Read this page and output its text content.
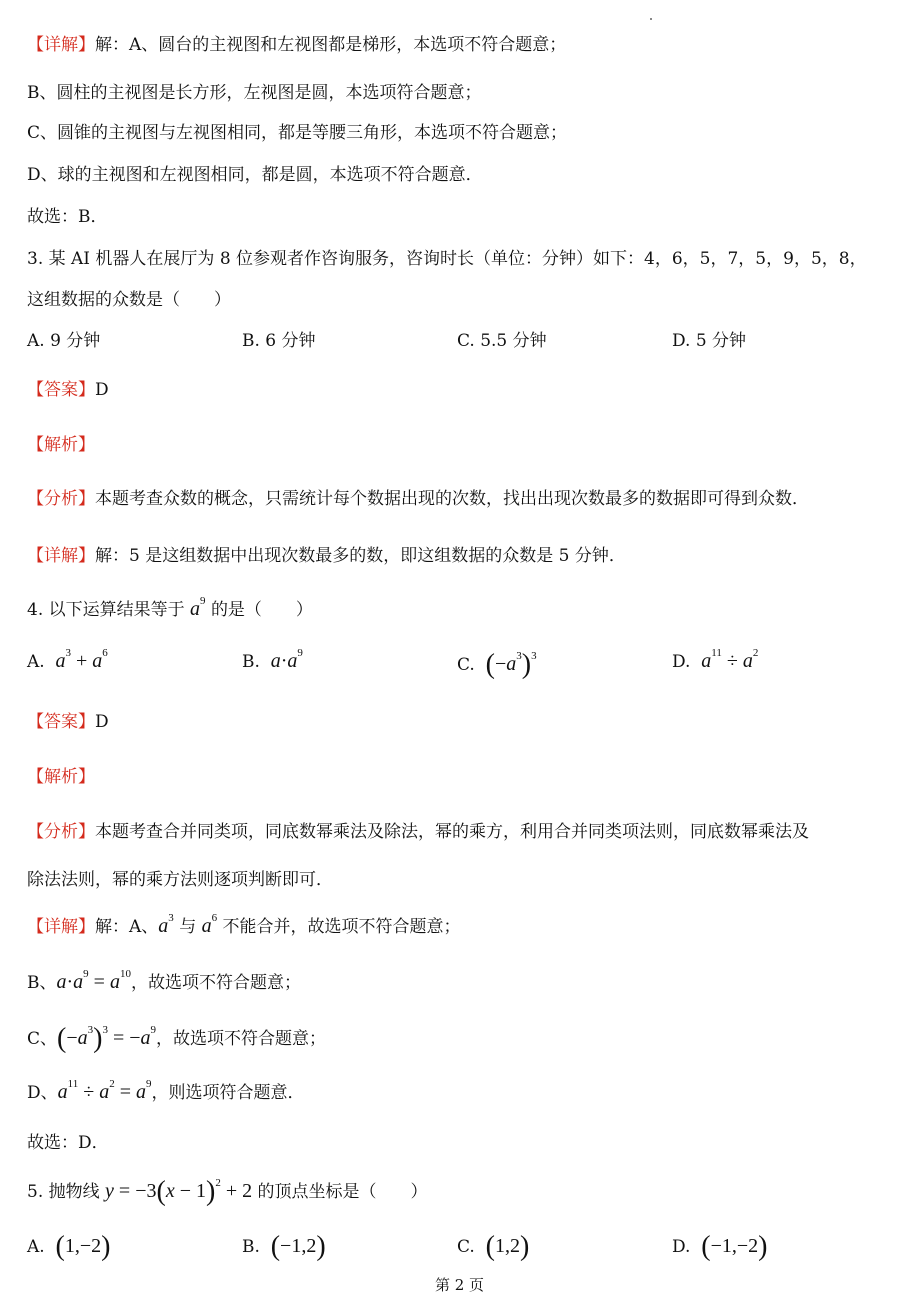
【详解】解：A、圆台的主视图和左视图都是梯形，本选项不符合题意；
B、圆柱的主视图是长方形，左视图是圆，本选项符合题意；
C、圆锥的主视图与左视图相同，都是等腰三角形，本选项不符合题意；
D、球的主视图和左视图相同，都是圆，本选项不符合题意．
故选：B．
3. 某 AI 机器人在展厅为 8 位参观者作咨询服务，咨询时长（单位：分钟）如下：4，6，5，7，5，9，5，8，
这组数据的众数是（　　）
A. 9 分钟	B. 6 分钟	C. 5.5 分钟	D. 5 分钟
【答案】D
【解析】
【分析】本题考查众数的概念，只需统计每个数据出现的次数，找出出现次数最多的数据即可得到众数．
【详解】解：5 是这组数据中出现次数最多的数，即这组数据的众数是 5 分钟．
4. 以下运算结果等于 $a^9$ 的是（　　）
A. $a^3 + a^6$	B. $a\cdot a^9$
C. $(-a^3)^3$	D. $a^{11} \div a^2$
【答案】D
【解析】
【分析】本题考查合并同类项，同底数幂乘法及除法，幂的乘方，利用合并同类项法则，同底数幂乘法及
除法法则，幂的乘方法则逐项判断即可．
【详解】解：A、$a^3$ 与 $a^6$ 不能合并，故选项不符合题意；
B、$a\cdot a^9 = a^{10}$，故选项不符合题意；
C、$(-a^3)^3 = -a^9$，故选项不符合题意；
D、$a^{11} \div a^2 = a^9$，则选项符合题意．
故选：D．
5. 抛物线 $y = -3(x - 1)^2 + 2$ 的顶点坐标是（　　）
A. (1,−2)	B. (−1,2)	C. (1,2)	D. (−1,−2)
第 2 页
